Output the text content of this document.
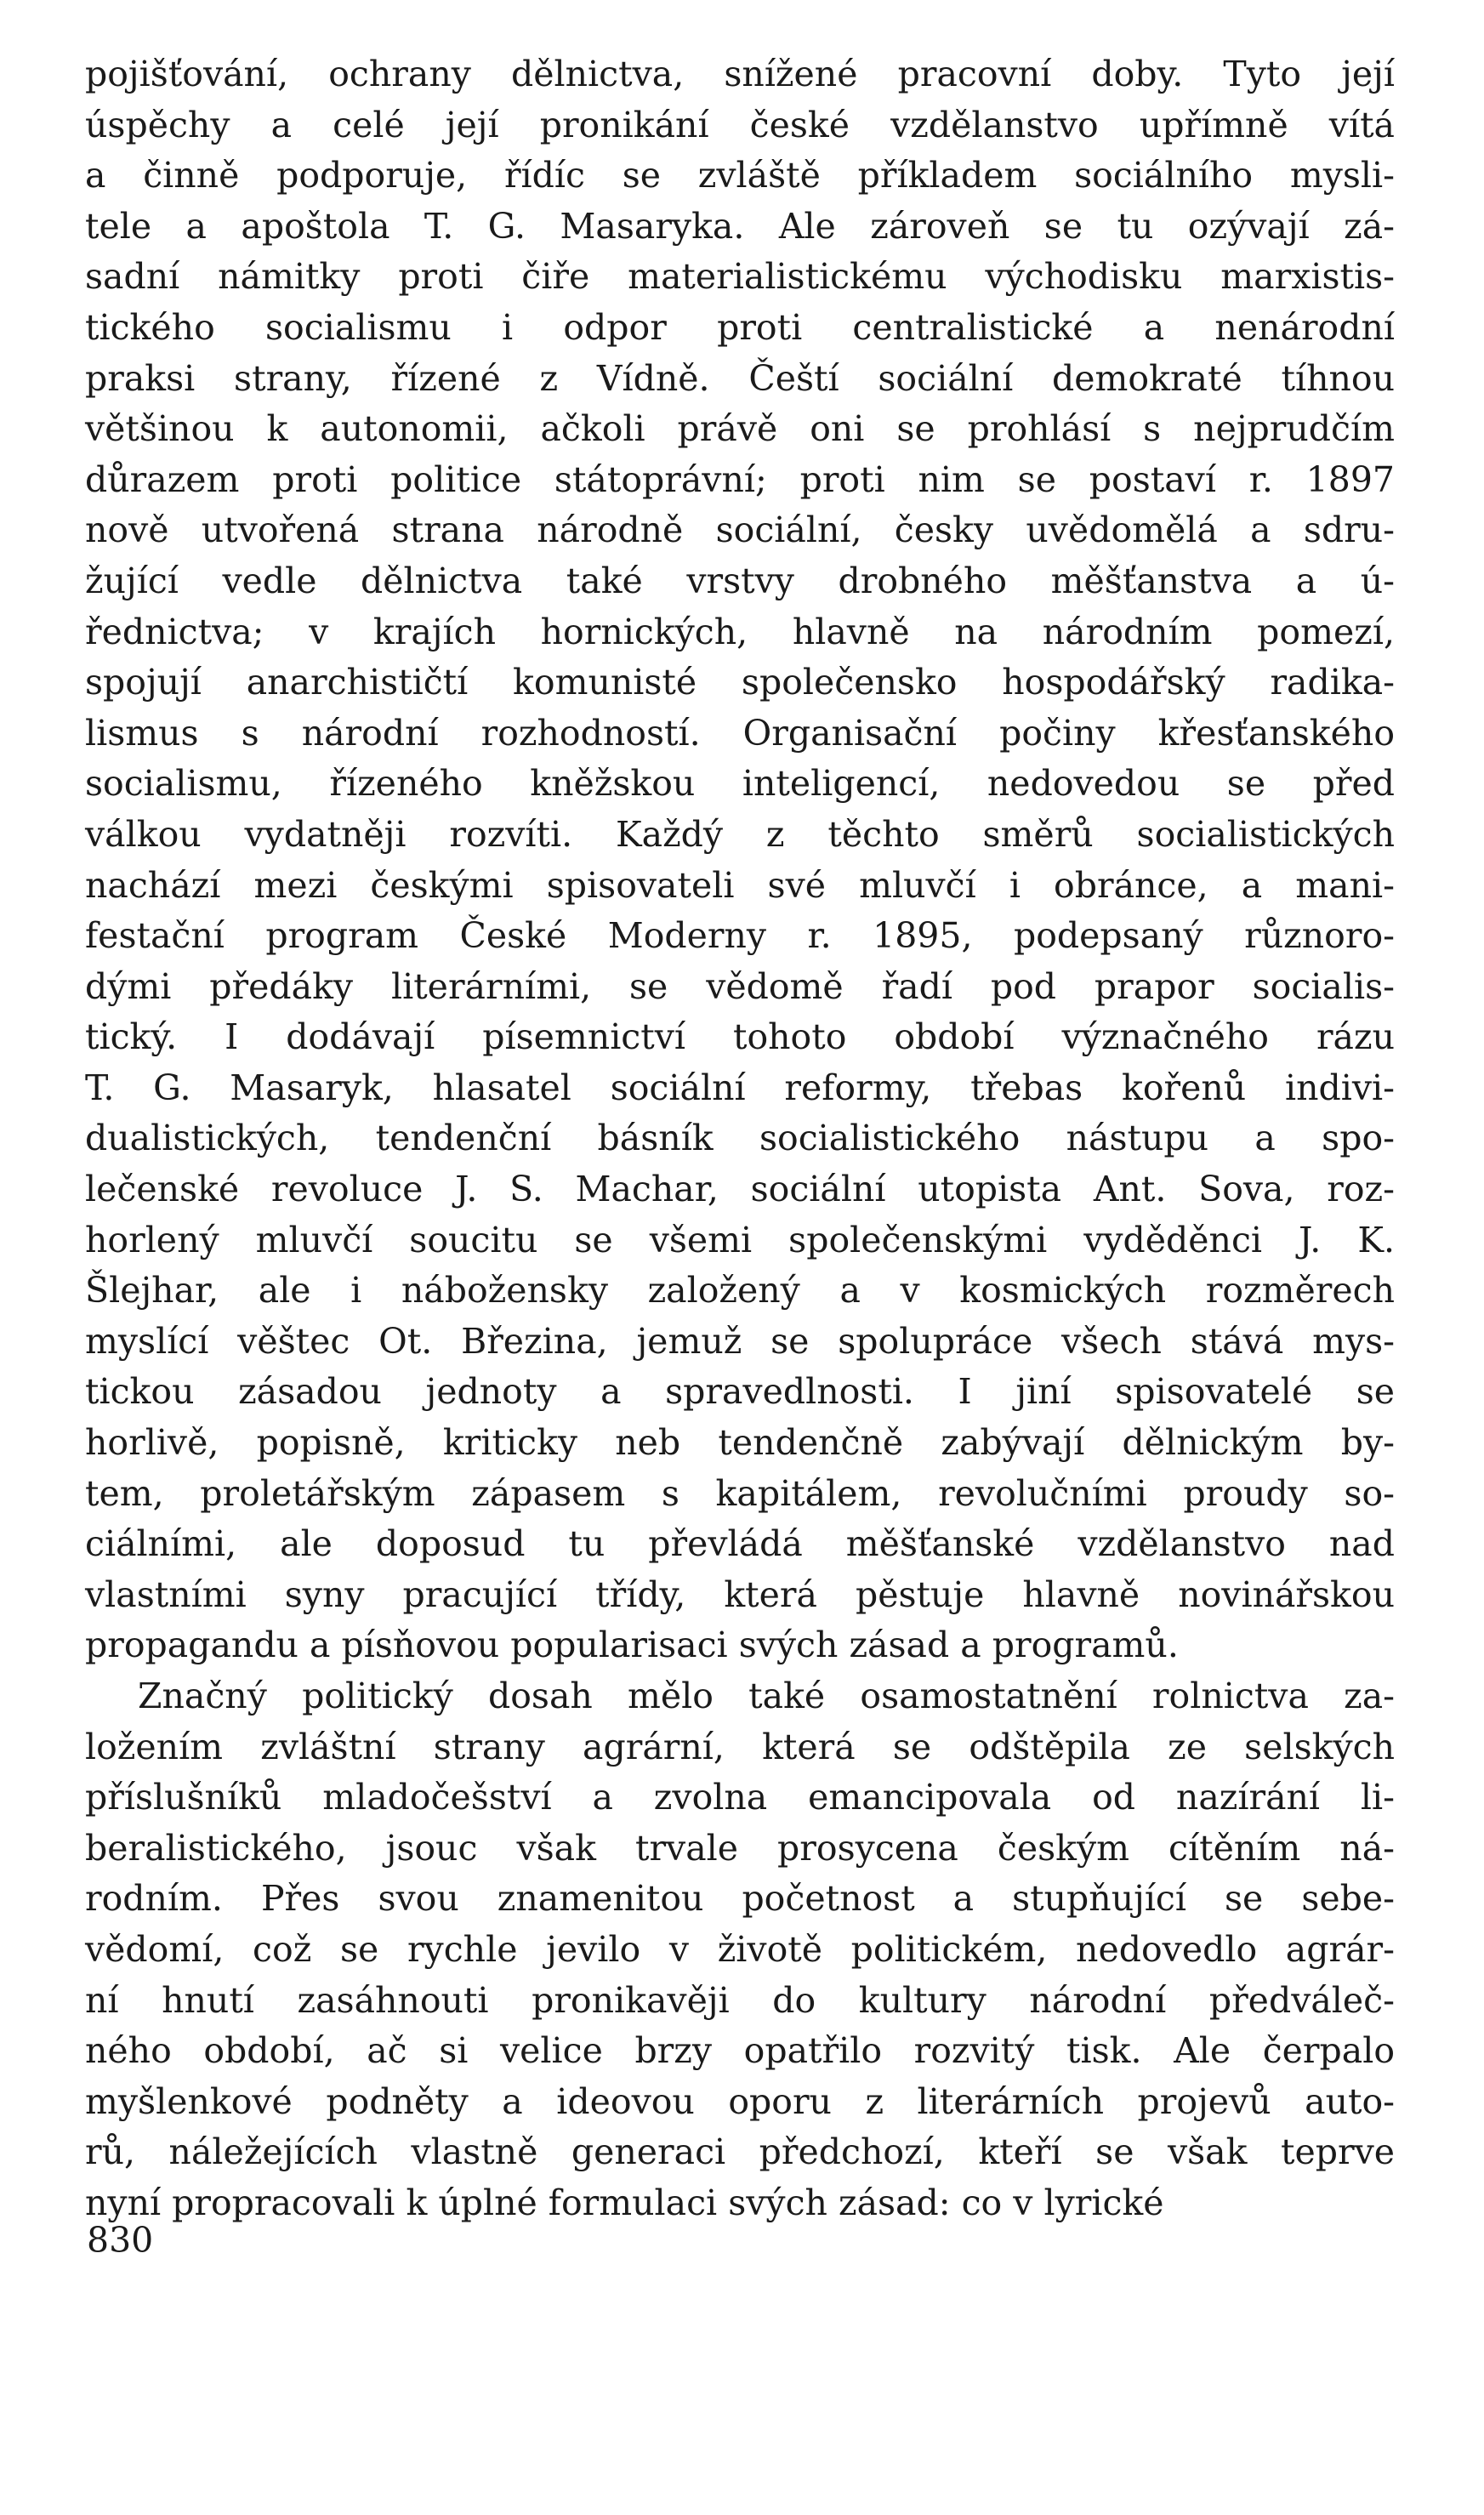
pojišťování, ochrany dělnictva, snížené pracovní doby. Tyto její
úspěchy a celé její pronikání české vzdělanstvo upřímně vítá
a činně podporuje, řídíc se zvláště příkladem sociálního mysli-
tele a apoštola T. G. Masaryka. Ale zároveň se tu ozývají zá-
sadní námitky proti čiře materialistickému východisku marxistis-
tického socialismu i odpor proti centralistické a nenárodní
praksi strany, řízené z Vídně. Čeští sociální demokraté tíhnou
většinou k autonomii, ačkoli právě oni se prohlásí s nejprudčím
důrazem proti politice státoprávní; proti nim se postaví r. 1897
nově utvořená strana národně sociální, česky uvědomělá a sdru-
žující vedle dělnictva také vrstvy drobného měšťanstva a ú-
řednictva; v krajích hornických, hlavně na národním pomezí,
spojují anarchističtí komunisté společensko hospodářský radika-
lismus s národní rozhodností. Organisační počiny křesťanského
socialismu, řízeného kněžskou inteligencí, nedovedou se před
válkou vydatněji rozvíti. Každý z těchto směrů socialistických
nachází mezi českými spisovateli své mluvčí i obránce, a mani-
festační program České Moderny r. 1895, podepsaný různoro-
dými předáky literárními, se vědomě řadí pod prapor socialis-
tický. I dodávají písemnictví tohoto období význačného rázu
T. G. Masaryk, hlasatel sociální reformy, třebas kořenů indivi-
dualistických, tendenční básník socialistického nástupu a spo-
lečenské revoluce J. S. Machar, sociální utopista Ant. Sova, roz-
horlený mluvčí soucitu se všemi společenskými vyděděnci J. K.
Šlejhar, ale i nábožensky založený a v kosmických rozměrech
myslící věštec Ot. Březina, jemuž se spolupráce všech stává mys-
tickou zásadou jednoty a spravedlnosti. I jiní spisovatelé se
horlivě, popisně, kriticky neb tendenčně zabývají dělnickým by-
tem, proletářským zápasem s kapitálem, revolučními proudy so-
ciálními, ale doposud tu převládá měšťanské vzdělanstvo nad
vlastními syny pracující třídy, která pěstuje hlavně novinářskou
propagandu a písňovou popularisaci svých zásad a programů.
Značný politický dosah mělo také osamostatnění rolnictva za-
ložením zvláštní strany agrární, která se odštěpila ze selských
příslušníků mladočešství a zvolna emancipovala od nazírání li-
beralistického, jsouc však trvale prosycena českým cítěním ná-
rodním. Přes svou znamenitou početnost a stupňující se sebe-
vědomí, což se rychle jevilo v životě politickém, nedovedlo agrár-
ní hnutí zasáhnouti pronikavěji do kultury národní předváleč-
ného období, ač si velice brzy opatřilo rozvitý tisk. Ale čerpalo
myšlenkové podněty a ideovou oporu z literárních projevů auto-
rů, náležejících vlastně generaci předchozí, kteří se však teprve
nyní propracovali k úplné formulaci svých zásad: co v lyrické
830
